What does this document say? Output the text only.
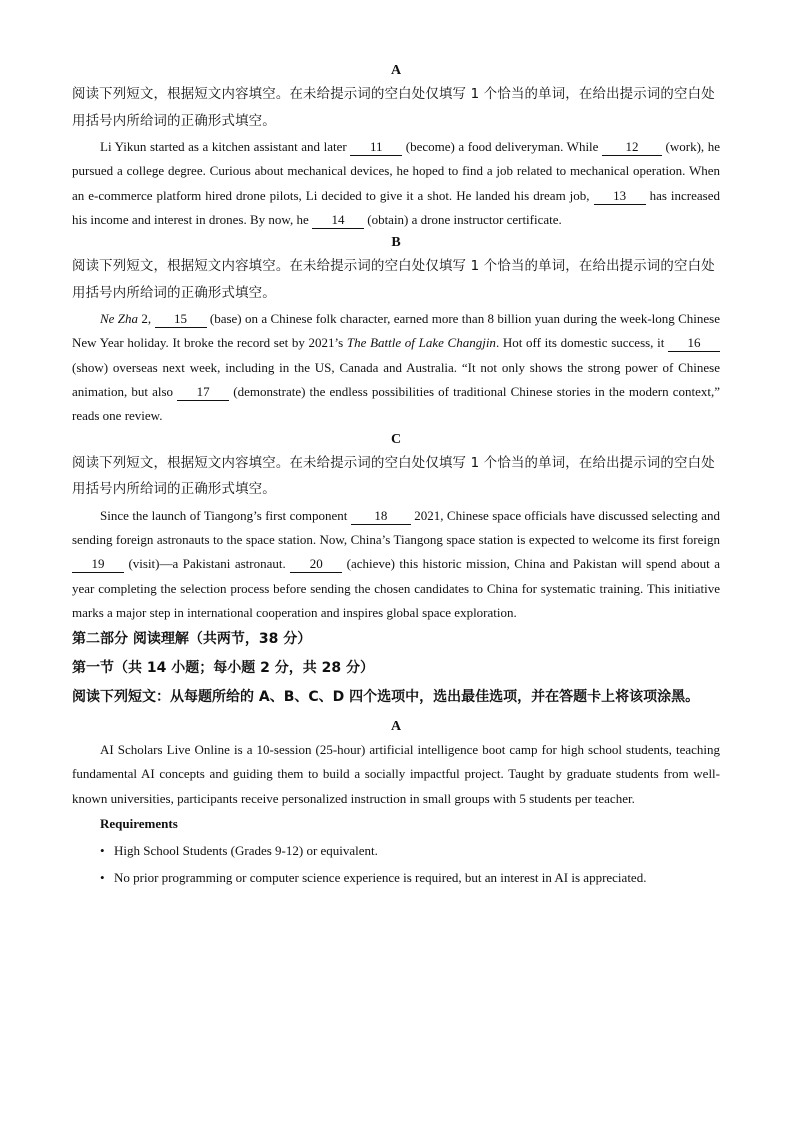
A

阅读下列短文，根据短文内容填空。在未给提示词的空白处仅填写 1 个恰当的单词，在给出提示词的空白处用括号内所给词的正确形式填空。

Li Yikun started as a kitchen assistant and later 11 (become) a food deliveryman. While 12 (work), he pursued a college degree. Curious about mechanical devices, he hoped to find a job related to mechanical operation. When an e-commerce platform hired drone pilots, Li decided to give it a shot. He landed his dream job, 13 has increased his income and interest in drones. By now, he 14 (obtain) a drone instructor certificate.

B

阅读下列短文，根据短文内容填空。在未给提示词的空白处仅填写 1 个恰当的单词，在给出提示词的空白处用括号内所给词的正确形式填空。

Ne Zha 2, 15 (base) on a Chinese folk character, earned more than 8 billion yuan during the week-long Chinese New Year holiday. It broke the record set by 2021’s The Battle of Lake Changjin. Hot off its domestic success, it 16 (show) overseas next week, including in the US, Canada and Australia. “It not only shows the strong power of Chinese animation, but also 17 (demonstrate) the endless possibilities of traditional Chinese stories in the modern context,” reads one review.

C

阅读下列短文，根据短文内容填空。在未给提示词的空白处仅填写 1 个恰当的单词，在给出提示词的空白处用括号内所给词的正确形式填空。

Since the launch of Tiangong’s first component 18 2021, Chinese space officials have discussed selecting and sending foreign astronauts to the space station. Now, China’s Tiangong space station is expected to welcome its first foreign 19 (visit)—a Pakistani astronaut. 20 (achieve) this historic mission, China and Pakistan will spend about a year completing the selection process before sending the chosen candidates to China for systematic training. This initiative marks a major step in international cooperation and inspires global space exploration.

第二部分 阅读理解（共两节，38 分）

第一节（共 14 小题；每小题 2 分，共 28 分）

阅读下列短文：从每题所给的 A、B、C、D 四个选项中，选出最佳选项，并在答题卡上将该项涂黑。

A

AI Scholars Live Online is a 10-session (25-hour) artificial intelligence boot camp for high school students, teaching fundamental AI concepts and guiding them to build a socially impactful project. Taught by graduate students from well-known universities, participants receive personalized instruction in small groups with 5 students per teacher.

Requirements

• High School Students (Grades 9-12) or equivalent.

• No prior programming or computer science experience is required, but an interest in AI is appreciated.
